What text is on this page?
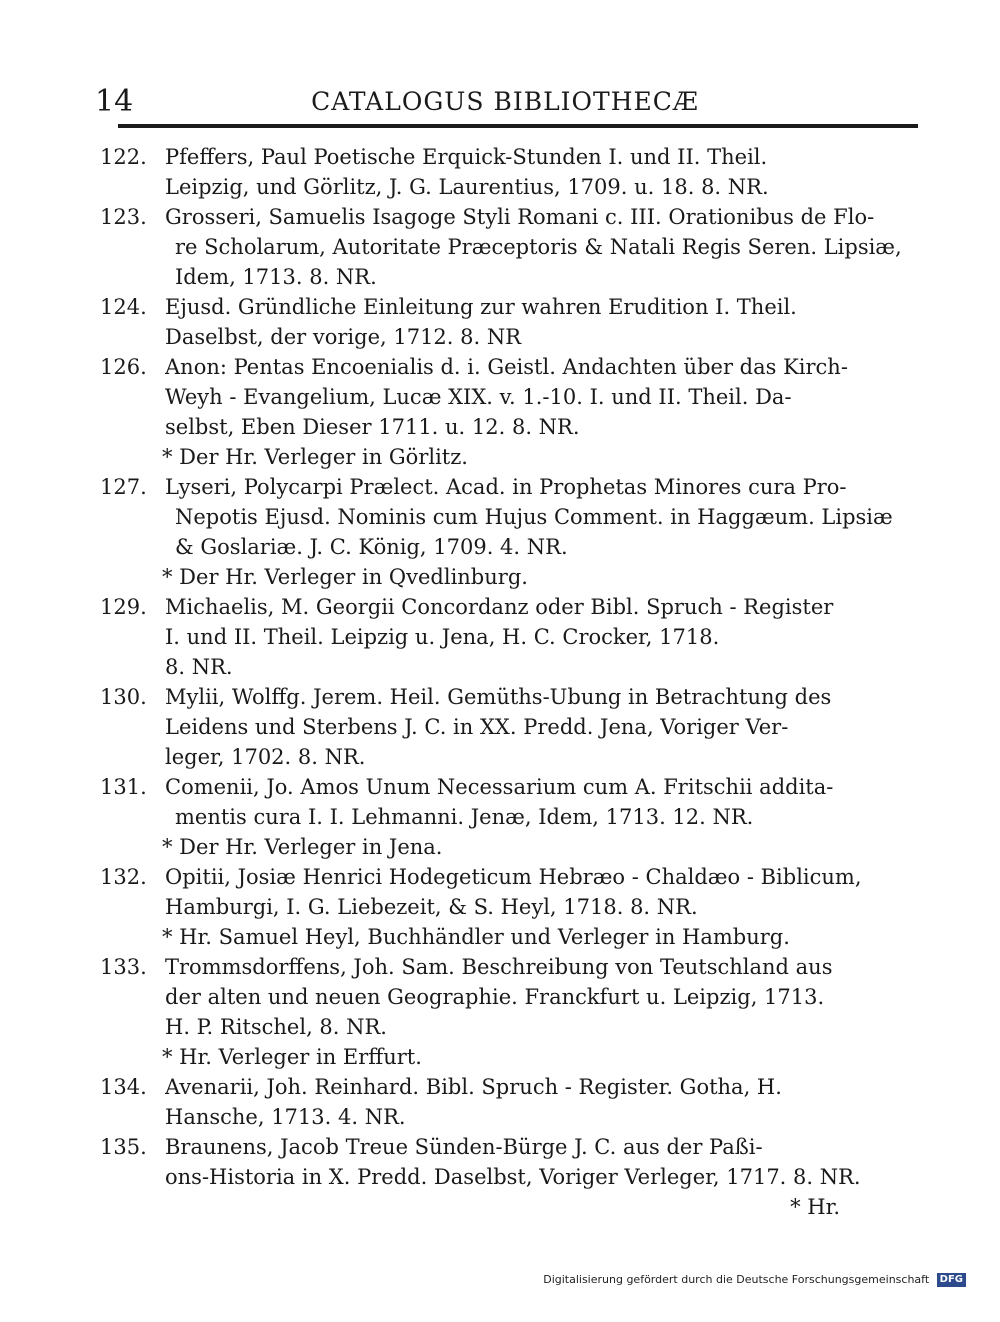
14	CATALOGUS BIBLIOTHECÆ
122. Pfeffers, Paul Poetische Erquick-Stunden I. und II. Theil.
Leipzig, und Görlitz, J. G. Laurentius, 1709. u. 18. 8. NR.
123. Grosseri, Samuelis Isagoge Styli Romani c. III. Orationibus de Flo-
re Scholarum, Autoritate Præceptoris & Natali Regis Seren. Lipsiæ,
Idem, 1713. 8. NR.
124. Ejusd. Gründliche Einleitung zur wahren Erudition I. Theil.
Daselbst, der vorige, 1712. 8. NR
126. Anon: Pentas Encoenialis d. i. Geistl. Andachten über das Kirch-
Weyh - Evangelium, Lucæ XIX. v. 1.-10. I. und II. Theil. Da-
selbst, Eben Dieser 1711. u. 12. 8. NR.
* Der Hr. Verleger in Görlitz.
127. Lyseri, Polycarpi Prælect. Acad. in Prophetas Minores cura Pro-
Nepotis Ejusd. Nominis cum Hujus Comment. in Haggæum. Lipsiæ
& Goslariæ. J. C. König, 1709. 4. NR.
* Der Hr. Verleger in Qvedlinburg.
129. Michaelis, M. Georgii Concordanz oder Bibl. Spruch - Register
I. und II. Theil. Leipzig u. Jena, H. C. Crocker, 1718.
8. NR.
130. Mylii, Wolffg. Jerem. Heil. Gemüths-Ubung in Betrachtung des
Leidens und Sterbens J. C. in XX. Predd. Jena, Voriger Ver-
leger, 1702. 8. NR.
131. Comenii, Jo. Amos Unum Necessarium cum A. Fritschii additа-
mentis cura I. I. Lehmanni. Jenæ, Idem, 1713. 12. NR.
* Der Hr. Verleger in Jena.
132. Opitii, Josiæ Henrici Hodegeticum Hebræo - Chaldæo - Biblicum,
Hamburgi, I. G. Liebezeit, & S. Heyl, 1718. 8. NR.
* Hr. Samuel Heyl, Buchhändler und Verleger in Hamburg.
133. Trommsdorffens, Joh. Sam. Beschreibung von Teutschland aus
der alten und neuen Geographie. Franckfurt u. Leipzig, 1713.
H. P. Ritschel, 8. NR.
* Hr. Verleger in Erffurt.
134. Avenarii, Joh. Reinhard. Bibl. Spruch - Register. Gotha, H.
Hansche, 1713. 4. NR.
135. Braunens, Jacob Treue Sünden-Bürge J. C. aus der Paßi-
ons-Historia in X. Predd. Daselbst, Voriger Verleger, 1717. 8. NR.
* Hr.
Digitalisierung gefördert durch die Deutsche Forschungsgemeinschaft DFG
